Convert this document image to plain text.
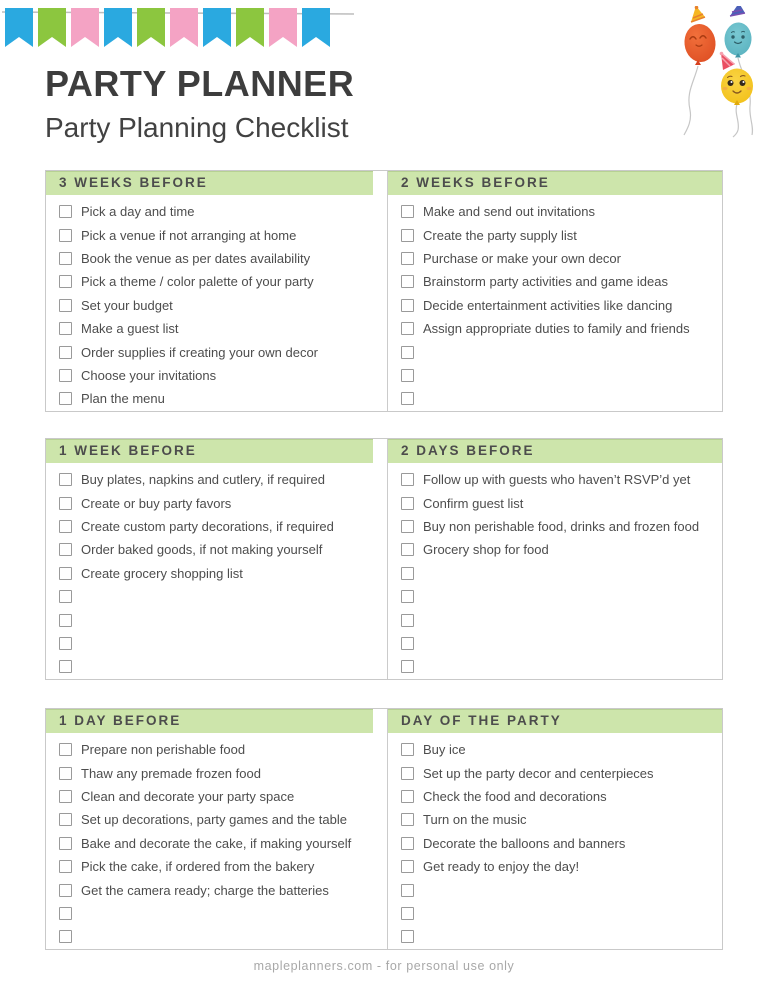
PARTY PLANNER
Party Planning Checklist
3 WEEKS BEFORE
Pick a day and time
Pick a venue if not arranging at home
Book the venue as per dates availability
Pick a theme / color palette of your party
Set your budget
Make a guest list
Order supplies if creating your own decor
Choose your invitations
Plan the menu
2 WEEKS BEFORE
Make and send out invitations
Create the party supply list
Purchase or make your own decor
Brainstorm party activities and game ideas
Decide entertainment activities like dancing
Assign appropriate duties to family and friends
1 WEEK BEFORE
Buy plates, napkins and cutlery, if required
Create or buy party favors
Create custom party decorations, if required
Order baked goods, if not making yourself
Create grocery shopping list
2 DAYS BEFORE
Follow up with guests who haven’t RSVP’d yet
Confirm guest list
Buy non perishable food, drinks and frozen food
Grocery shop for food
1 DAY BEFORE
Prepare non perishable food
Thaw any premade frozen food
Clean and decorate your party space
Set up decorations, party games and the table
Bake and decorate the cake, if making yourself
Pick the cake, if ordered from the bakery
Get the camera ready; charge the batteries
DAY OF THE PARTY
Buy ice
Set up the party decor and centerpieces
Check the food and decorations
Turn on the music
Decorate the balloons and banners
Get ready to enjoy the day!
mapleplanners.com - for personal use only
